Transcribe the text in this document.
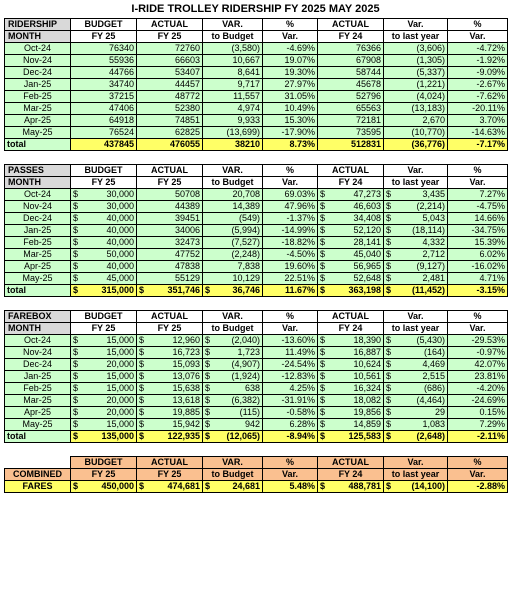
I-RIDE TROLLEY RIDERSHIP FY 2025 MAY 2025
RIDERSHIP	BUDGET	ACTUAL	VAR.	%	ACTUAL	Var.	%
MONTH	FY 25	FY 25	to Budget	Var.	FY 24	to last year	Var.
Oct-24	76340	72760	(3,580)	-4.69%	76366	(3,606)	-4.72%
Nov-24	55936	66603	10,667	19.07%	67908	(1,305)	-1.92%
Dec-24	44766	53407	8,641	19.30%	58744	(5,337)	-9.09%
Jan-25	34740	44457	9,717	27.97%	45678	(1,221)	-2.67%
Feb-25	37215	48772	11,557	31.05%	52796	(4,024)	-7.62%
Mar-25	47406	52380	4,974	10.49%	65563	(13,183)	-20.11%
Apr-25	64918	74851	9,933	15.30%	72181	2,670	3.70%
May-25	76524	62825	(13,699)	-17.90%	73595	(10,770)	-14.63%
total	437845	476055	38210	8.73%	512831	(36,776)	-7.17%
PASSES	BUDGET	ACTUAL	VAR.	%	ACTUAL	Var.	%
MONTH	FY 25	FY 25	to Budget	Var.	FY 24	to last year	Var.
Oct-24	$ 30,000	50708	20,708	69.03%	$ 47,273	$ 3,435	7.27%
Nov-24	$ 30,000	44389	14,389	47.96%	$ 46,603	$ (2,214)	-4.75%
Dec-24	$ 40,000	39451	(549)	-1.37%	$ 34,408	$ 5,043	14.66%
Jan-25	$ 40,000	34006	(5,994)	-14.99%	$ 52,120	$ (18,114)	-34.75%
Feb-25	$ 40,000	32473	(7,527)	-18.82%	$ 28,141	$ 4,332	15.39%
Mar-25	$ 50,000	47752	(2,248)	-4.50%	$ 45,040	$ 2,712	6.02%
Apr-25	$ 40,000	47838	7,838	19.60%	$ 56,965	$ (9,127)	-16.02%
May-25	$ 45,000	55129	10,129	22.51%	$ 52,648	$ 2,481	4.71%
total	$ 315,000	$ 351,746	$ 36,746	11.67%	$ 363,198	$ (11,452)	-3.15%
FAREBOX	BUDGET	ACTUAL	VAR.	%	ACTUAL	Var.	%
MONTH	FY 25	FY 25	to Budget	Var.	FY 24	to last year	Var.
Oct-24	$ 15,000	$ 12,960	$ (2,040)	-13.60%	$ 18,390	$ (5,430)	-29.53%
Nov-24	$ 15,000	$ 16,723	$ 1,723	11.49%	$ 16,887	$ (164)	-0.97%
Dec-24	$ 20,000	$ 15,093	$ (4,907)	-24.54%	$ 10,624	$ 4,469	42.07%
Jan-25	$ 15,000	$ 13,076	$ (1,924)	-12.83%	$ 10,561	$ 2,515	23.81%
Feb-25	$ 15,000	$ 15,638	$ 638	4.25%	$ 16,324	$ (686)	-4.20%
Mar-25	$ 20,000	$ 13,618	$ (6,382)	-31.91%	$ 18,082	$ (4,464)	-24.69%
Apr-25	$ 20,000	$ 19,885	$ (115)	-0.58%	$ 19,856	$ 29	0.15%
May-25	$ 15,000	$ 15,942	$ 942	6.28%	$ 14,859	$ 1,083	7.29%
total	$ 135,000	$ 122,935	$ (12,065)	-8.94%	$ 125,583	$ (2,648)	-2.11%
	BUDGET	ACTUAL	VAR.	%	ACTUAL	Var.	%
COMBINED	FY 25	FY 25	to Budget	Var.	FY 24	to last year	Var.
FARES	$ 450,000	$ 474,681	$ 24,681	5.48%	$ 488,781	$ (14,100)	-2.88%
